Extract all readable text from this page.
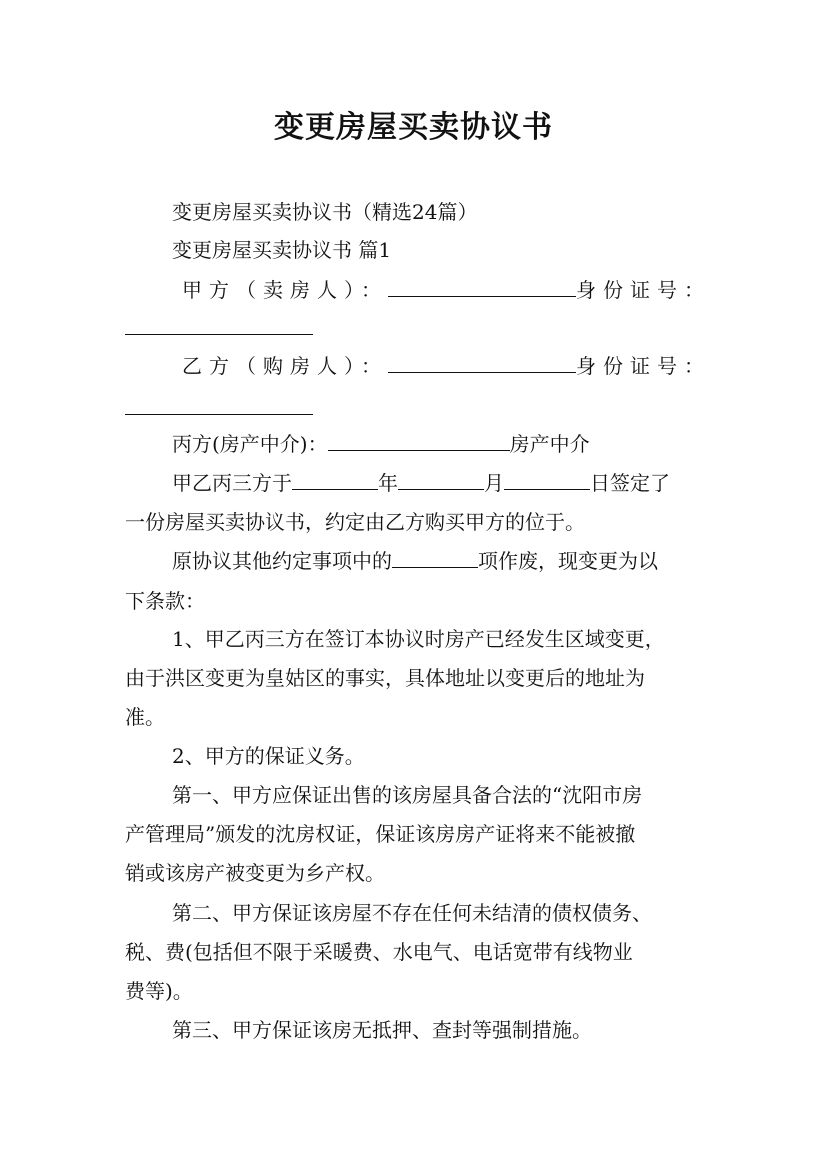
变更房屋买卖协议书
变更房屋买卖协议书（精选24篇）
变更房屋买卖协议书 篇1
甲方（卖房人）：	身份证号：
乙方（购房人）：	身份证号：
丙方(房产中介)：	房产中介
甲乙丙三方于	年	月	日签定了
一份房屋买卖协议书，约定由乙方购买甲方的位于。
原协议其他约定事项中的	项作废，现变更为以
下条款：
1、甲乙丙三方在签订本协议时房产已经发生区域变更，
由于洪区变更为皇姑区的事实，具体地址以变更后的地址为
准。
2、甲方的保证义务。
第一、甲方应保证出售的该房屋具备合法的“沈阳市房
产管理局”颁发的沈房权证，保证该房房产证将来不能被撤
销或该房产被变更为乡产权。
第二、甲方保证该房屋不存在任何未结清的债权债务、
税、费(包括但不限于采暖费、水电气、电话宽带有线物业
费等)。
第三、甲方保证该房无抵押、查封等强制措施。
